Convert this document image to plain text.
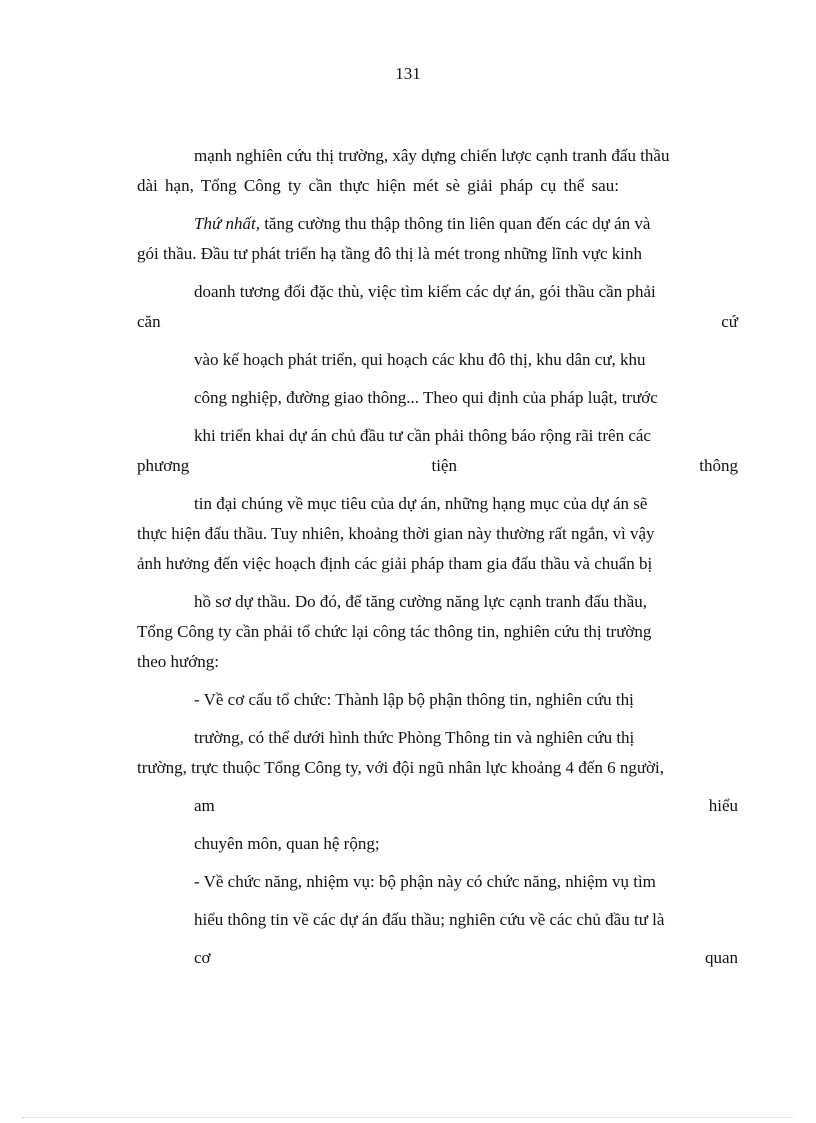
131
mạnh nghiên cứu thị trường, xây dựng chiến lược cạnh tranh đấu thầu
dài hạn, Tổng Công ty cần thực hiện mét sè giải pháp cụ thể sau:
Thứ nhất, tăng cường thu thập thông tin liên quan đến các dự án và
gói thầu. Đầu tư phát triển hạ tầng đô thị là mét trong những lĩnh vực kinh
doanh tương đối đặc thù, việc tìm kiếm các dự án, gói thầu cần phải
căn	cứ
vào kế hoạch phát triển, qui hoạch các khu đô thị, khu dân cư, khu
công nghiệp, đường giao thông... Theo qui định của pháp luật, trước
khi triển khai dự án chủ đầu tư cần phải thông báo rộng rãi trên các
phương	tiện	thông
tin đại chúng về mục tiêu của dự án, những hạng mục của dự án sẽ
thực hiện đấu thầu. Tuy nhiên, khoảng thời gian này thường rất ngắn, vì vậy
ảnh hưởng đến việc hoạch định các giải pháp tham gia đấu thầu và chuẩn bị
hồ sơ dự thầu. Do đó, để tăng cường năng lực cạnh tranh đấu thầu,
Tổng Công ty cần phải tổ chức lại công tác thông tin, nghiên cứu thị trường
theo hướng:
- Về cơ cấu tổ chức: Thành lập bộ phận thông tin, nghiên cứu thị
trường, có thể dưới hình thức Phòng Thông tin và nghiên cứu thị
trường, trực thuộc Tổng Công ty, với đội ngũ nhân lực khoảng 4 đến 6 người,
am	hiểu
chuyên môn, quan hệ rộng;
- Về chức năng, nhiệm vụ: bộ phận này có chức năng, nhiệm vụ tìm
hiểu thông tin về các dự án đấu thầu; nghiên cứu về các chủ đầu tư là
cơ	quan
